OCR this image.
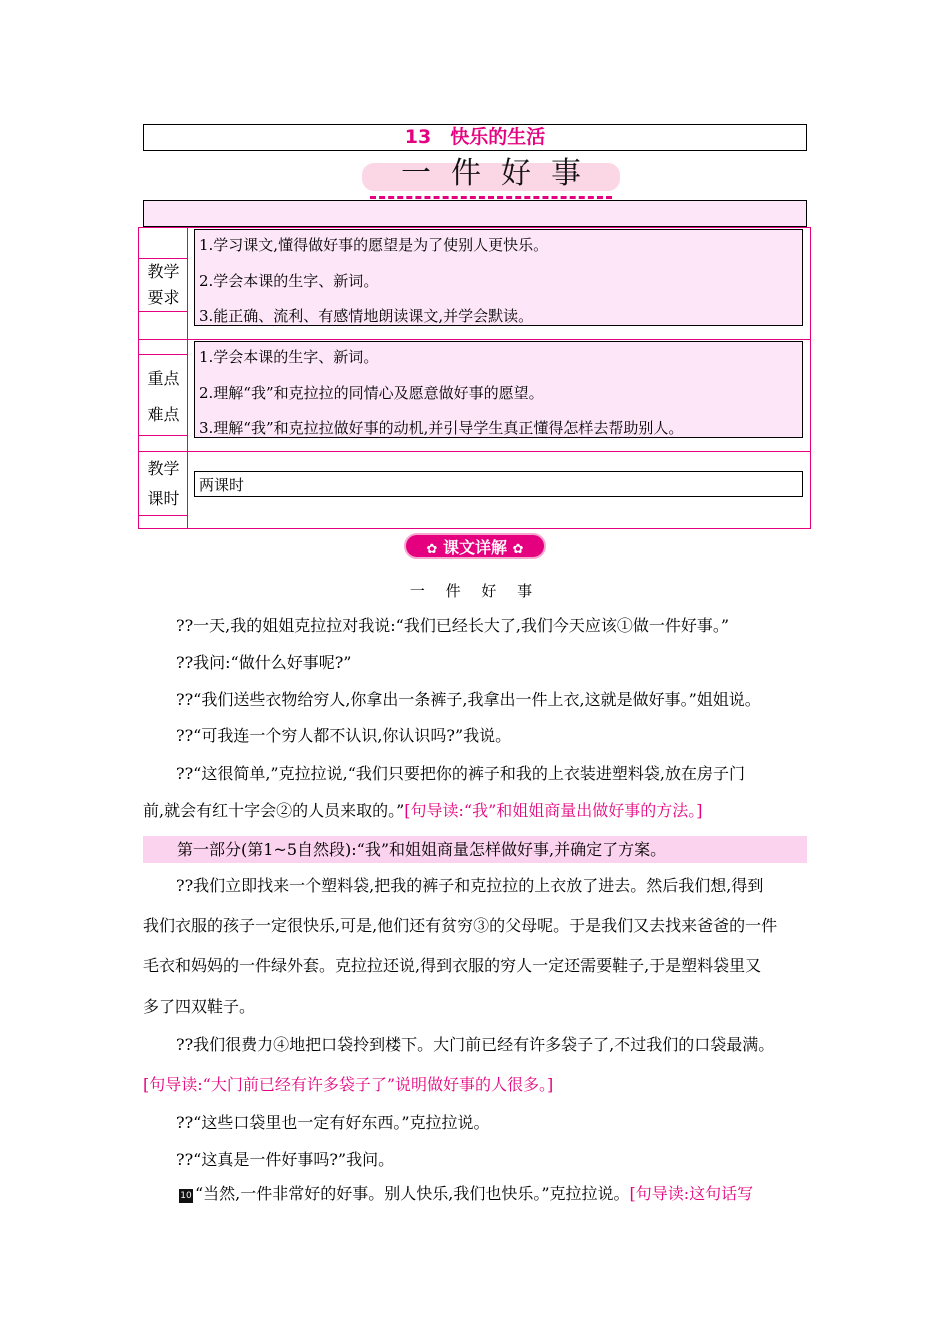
13　快乐的生活
一件好事
教学
要求
1.学习课文,懂得做好事的愿望是为了使别人更快乐。
2.学会本课的生字、新词。
3.能正确、流利、有感情地朗读课文,并学会默读。
重点
难点
1.学会本课的生字、新词。
2.理解“我”和克拉拉的同情心及愿意做好事的愿望。
3.理解“我”和克拉拉做好事的动机,并引导学生真正懂得怎样去帮助别人。
教学
课时
两课时
✿ 课文详解 ✿
一 件 好 事
??一天,我的姐姐克拉拉对我说:“我们已经长大了,我们今天应该①做一件好事。”
??我问:“做什么好事呢?”
??“我们送些衣物给穷人,你拿出一条裤子,我拿出一件上衣,这就是做好事。”姐姐说。
??“可我连一个穷人都不认识,你认识吗?”我说。
??“这很简单,”克拉拉说,“我们只要把你的裤子和我的上衣装进塑料袋,放在房子门
前,就会有红十字会②的人员来取的。”[句导读:“我”和姐姐商量出做好事的方法。]
第一部分(第1~5自然段):“我”和姐姐商量怎样做好事,并确定了方案。
??我们立即找来一个塑料袋,把我的裤子和克拉拉的上衣放了进去。然后我们想,得到
我们衣服的孩子一定很快乐,可是,他们还有贫穷③的父母呢。于是我们又去找来爸爸的一件
毛衣和妈妈的一件绿外套。克拉拉还说,得到衣服的穷人一定还需要鞋子,于是塑料袋里又
多了四双鞋子。
??我们很费力④地把口袋拎到楼下。大门前已经有许多袋子了,不过我们的口袋最满。
[句导读:“大门前已经有许多袋子了”说明做好事的人很多。]
??“这些口袋里也一定有好东西。”克拉拉说。
??“这真是一件好事吗?”我问。
10 “当然,一件非常好的好事。别人快乐,我们也快乐。”克拉拉说。[句导读:这句话写
